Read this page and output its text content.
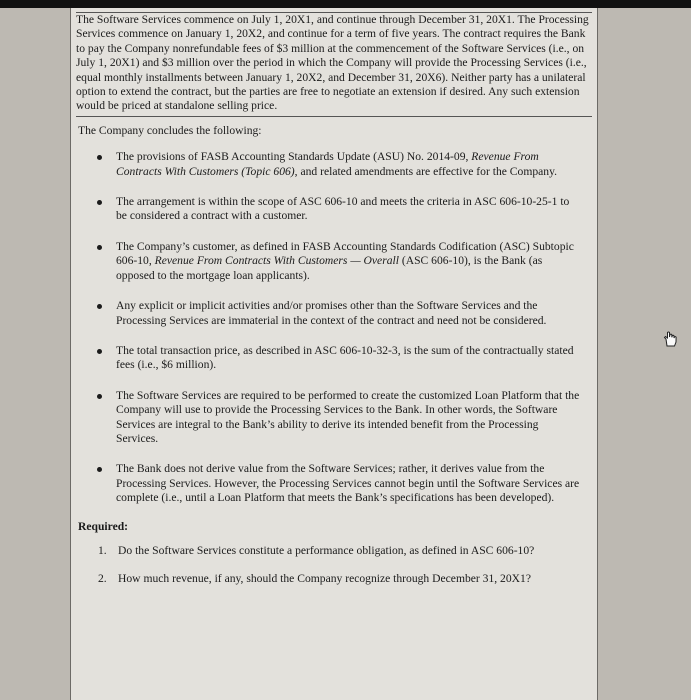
The Software Services commence on July 1, 20X1, and continue through December 31, 20X1. The Processing Services commence on January 1, 20X2, and continue for a term of five years. The contract requires the Bank to pay the Company nonrefundable fees of $3 million at the commencement of the Software Services (i.e., on July 1, 20X1) and $3 million over the period in which the Company will provide the Processing Services (i.e., equal monthly installments between January 1, 20X2, and December 31, 20X6). Neither party has a unilateral option to extend the contract, but the parties are free to negotiate an extension if desired. Any such extension would be priced at standalone selling price.

The Company concludes the following:

The provisions of FASB Accounting Standards Update (ASU) No. 2014-09, Revenue From Contracts With Customers (Topic 606), and related amendments are effective for the Company.
The arrangement is within the scope of ASC 606-10 and meets the criteria in ASC 606-10-25-1 to be considered a contract with a customer.
The Company’s customer, as defined in FASB Accounting Standards Codification (ASC) Subtopic 606-10, Revenue From Contracts With Customers — Overall (ASC 606-10), is the Bank (as opposed to the mortgage loan applicants).
Any explicit or implicit activities and/or promises other than the Software Services and the Processing Services are immaterial in the context of the contract and need not be considered.
The total transaction price, as described in ASC 606-10-32-3, is the sum of the contractually stated fees (i.e., $6 million).
The Software Services are required to be performed to create the customized Loan Platform that the Company will use to provide the Processing Services to the Bank. In other words, the Software Services are integral to the Bank’s ability to derive its intended benefit from the Processing Services.
The Bank does not derive value from the Software Services; rather, it derives value from the Processing Services. However, the Processing Services cannot begin until the Software Services are complete (i.e., until a Loan Platform that meets the Bank’s specifications has been developed).

Required:

1. Do the Software Services constitute a performance obligation, as defined in ASC 606-10?
2. How much revenue, if any, should the Company recognize through December 31, 20X1?
